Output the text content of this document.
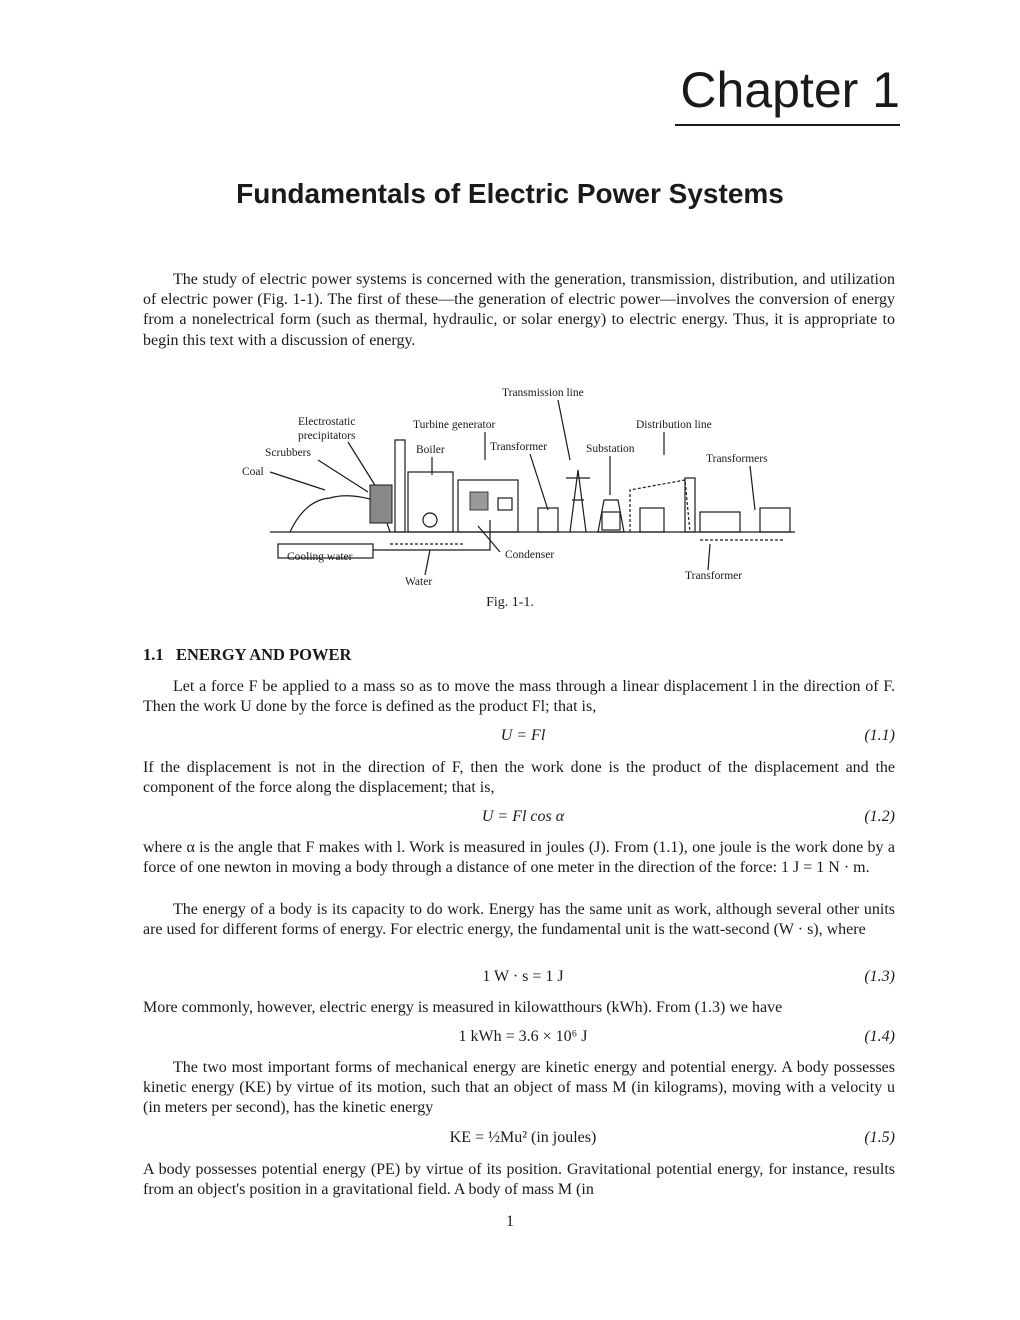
Chapter 1
Fundamentals of Electric Power Systems

The study of electric power systems is concerned with the generation, transmission, distribution, and utilization of electric power (Fig. 1-1). The first of these—the generation of electric power—involves the conversion of energy from a nonelectrical form (such as thermal, hydraulic, or solar energy) to electric energy. Thus, it is appropriate to begin this text with a discussion of energy.

Transmission line
Electrostatic
precipitators
Turbine generator	Distribution line
Scrubbers	Boiler	Transformer	Substation
Transformers
Coal
Cooling water	Condenser
Water	Transformer
Fig. 1-1.
1.1 ENERGY AND POWER

Let a force F be applied to a mass so as to move the mass through a linear displacement l in the direction of F. Then the work U done by the force is defined as the product Fl; that is,

U = Fl	(1.1)

If the displacement is not in the direction of F, then the work done is the product of the displacement and the component of the force along the displacement; that is,

U = Fl cos α	(1.2)

where α is the angle that F makes with l. Work is measured in joules (J). From (1.1), one joule is the work done by a force of one newton in moving a body through a distance of one meter in the direction of the force: 1 J = 1 N · m.

The energy of a body is its capacity to do work. Energy has the same unit as work, although several other units are used for different forms of energy. For electric energy, the fundamental unit is the watt-second (W · s), where

1 W · s = 1 J	(1.3)

More commonly, however, electric energy is measured in kilowatthours (kWh). From (1.3) we have

1 kWh = 3.6 × 10⁶ J	(1.4)

The two most important forms of mechanical energy are kinetic energy and potential energy. A body possesses kinetic energy (KE) by virtue of its motion, such that an object of mass M (in kilograms), moving with a velocity u (in meters per second), has the kinetic energy

KE = ½Mu² (in joules)	(1.5)

A body possesses potential energy (PE) by virtue of its position. Gravitational potential energy, for instance, results from an object's position in a gravitational field. A body of mass M (in

1
